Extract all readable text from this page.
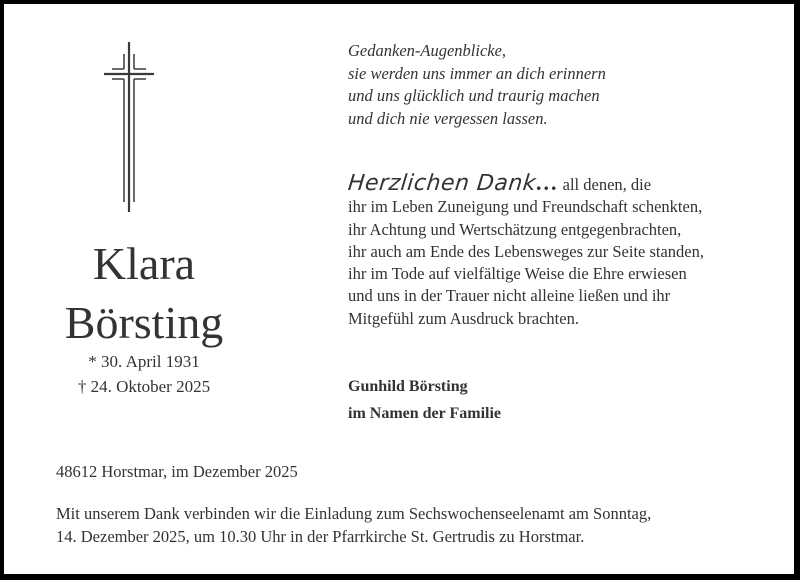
Klara
Börsting
* 30. April 1931
† 24. Oktober 2025
Gedanken-Augenblicke,
sie werden uns immer an dich erinnern
und uns glücklich und traurig machen
und dich nie vergessen lassen.
Herzlichen Dank... all denen, die
ihr im Leben Zuneigung und Freundschaft schenkten,
ihr Achtung und Wertschätzung entgegenbrachten,
ihr auch am Ende des Lebensweges zur Seite standen,
ihr im Tode auf vielfältige Weise die Ehre erwiesen
und uns in der Trauer nicht alleine ließen und ihr
Mitgefühl zum Ausdruck brachten.
Gunhild Börsting
im Namen der Familie
48612 Horstmar, im Dezember 2025
Mit unserem Dank verbinden wir die Einladung zum Sechswochenseelenamt am Sonntag,
14. Dezember 2025, um 10.30 Uhr in der Pfarrkirche St. Gertrudis zu Horstmar.
